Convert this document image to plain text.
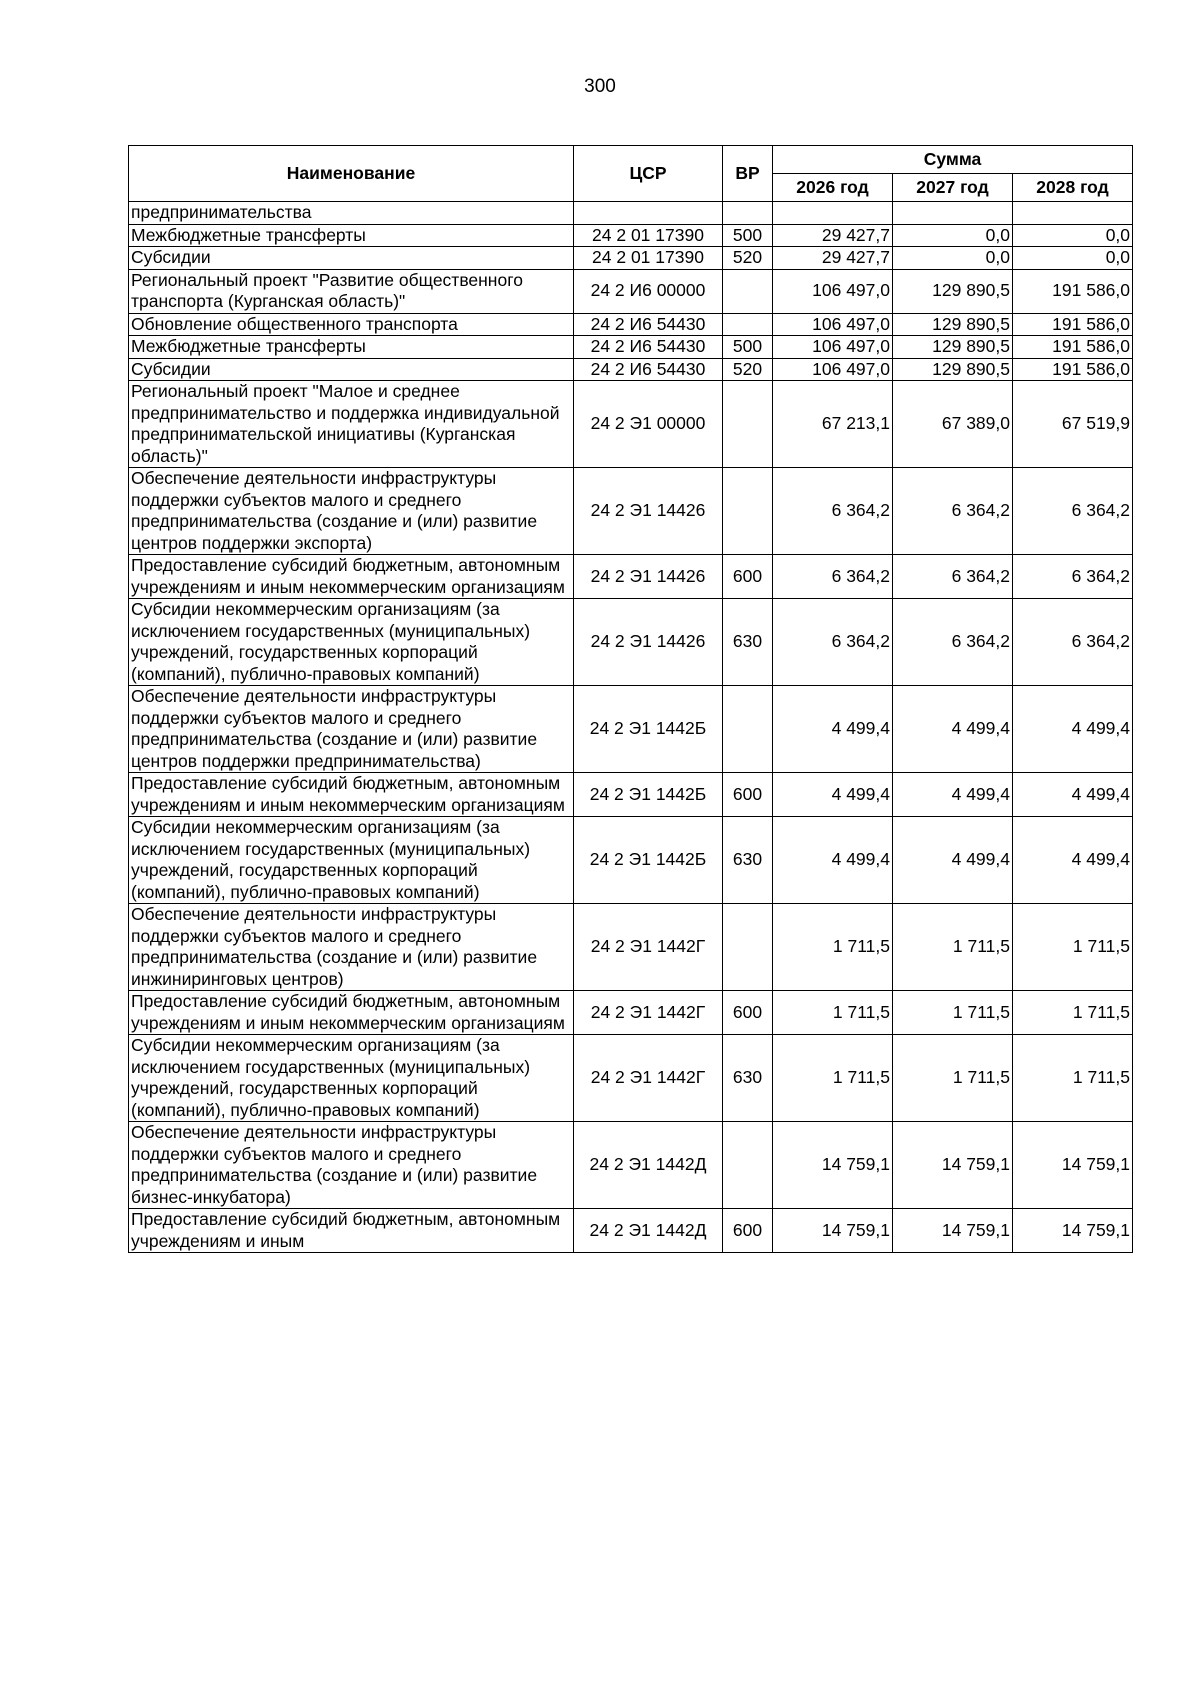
300
Наименование	ЦСР	ВР	Сумма		
			2026 год	2027 год	2028 год
предпринимательства					
Межбюджетные трансферты	24 2 01 17390	500	29 427,7	0,0	0,0
Субсидии	24 2 01 17390	520	29 427,7	0,0	0,0
Региональный проект "Развитие общественного транспорта (Курганская область)"	24 2 И6 00000		106 497,0	129 890,5	191 586,0
Обновление общественного транспорта	24 2 И6 54430		106 497,0	129 890,5	191 586,0
Межбюджетные трансферты	24 2 И6 54430	500	106 497,0	129 890,5	191 586,0
Субсидии	24 2 И6 54430	520	106 497,0	129 890,5	191 586,0
Региональный проект "Малое и среднее предпринимательство и поддержка индивидуальной предпринимательской инициативы (Курганская область)"	24 2 Э1 00000		67 213,1	67 389,0	67 519,9
Обеспечение деятельности инфраструктуры поддержки субъектов малого и среднего предпринимательства (создание и (или) развитие центров поддержки экспорта)	24 2 Э1 14426		6 364,2	6 364,2	6 364,2
Предоставление субсидий бюджетным, автономным учреждениям и иным некоммерческим организациям	24 2 Э1 14426	600	6 364,2	6 364,2	6 364,2
Субсидии некоммерческим организациям (за исключением государственных (муниципальных) учреждений, государственных корпораций (компаний), публично-правовых компаний)	24 2 Э1 14426	630	6 364,2	6 364,2	6 364,2
Обеспечение деятельности инфраструктуры поддержки субъектов малого и среднего предпринимательства (создание и (или) развитие центров поддержки предпринимательства)	24 2 Э1 1442Б		4 499,4	4 499,4	4 499,4
Предоставление субсидий бюджетным, автономным учреждениям и иным некоммерческим организациям	24 2 Э1 1442Б	600	4 499,4	4 499,4	4 499,4
Субсидии некоммерческим организациям (за исключением государственных (муниципальных) учреждений, государственных корпораций (компаний), публично-правовых компаний)	24 2 Э1 1442Б	630	4 499,4	4 499,4	4 499,4
Обеспечение деятельности инфраструктуры поддержки субъектов малого и среднего предпринимательства (создание и (или) развитие инжиниринговых центров)	24 2 Э1 1442Г		1 711,5	1 711,5	1 711,5
Предоставление субсидий бюджетным, автономным учреждениям и иным некоммерческим организациям	24 2 Э1 1442Г	600	1 711,5	1 711,5	1 711,5
Субсидии некоммерческим организациям (за исключением государственных (муниципальных) учреждений, государственных корпораций (компаний), публично-правовых компаний)	24 2 Э1 1442Г	630	1 711,5	1 711,5	1 711,5
Обеспечение деятельности инфраструктуры поддержки субъектов малого и среднего предпринимательства (создание и (или) развитие бизнес-инкубатора)	24 2 Э1 1442Д		14 759,1	14 759,1	14 759,1
Предоставление субсидий бюджетным, автономным учреждениям и иным	24 2 Э1 1442Д	600	14 759,1	14 759,1	14 759,1
